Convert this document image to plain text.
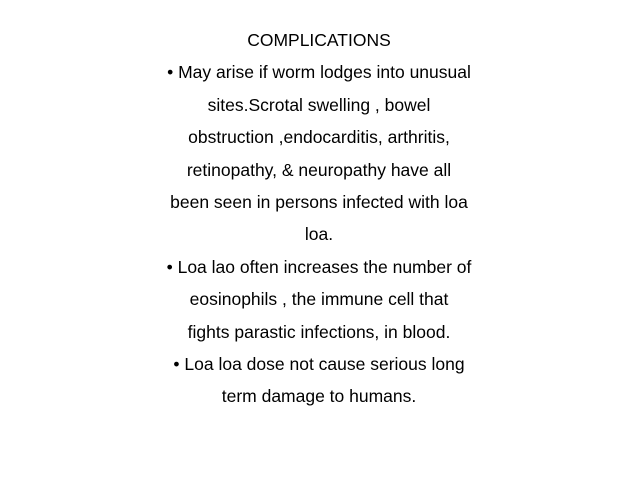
COMPLICATIONS

• May arise if worm lodges into unusual

sites.Scrotal swelling , bowel

obstruction ,endocarditis, arthritis,

retinopathy, & neuropathy have all

been seen in persons infected with loa

loa.

• Loa lao often increases the number of

eosinophils , the immune cell that

fights parastic infections, in blood.

• Loa loa dose not cause serious long

term damage to humans.
